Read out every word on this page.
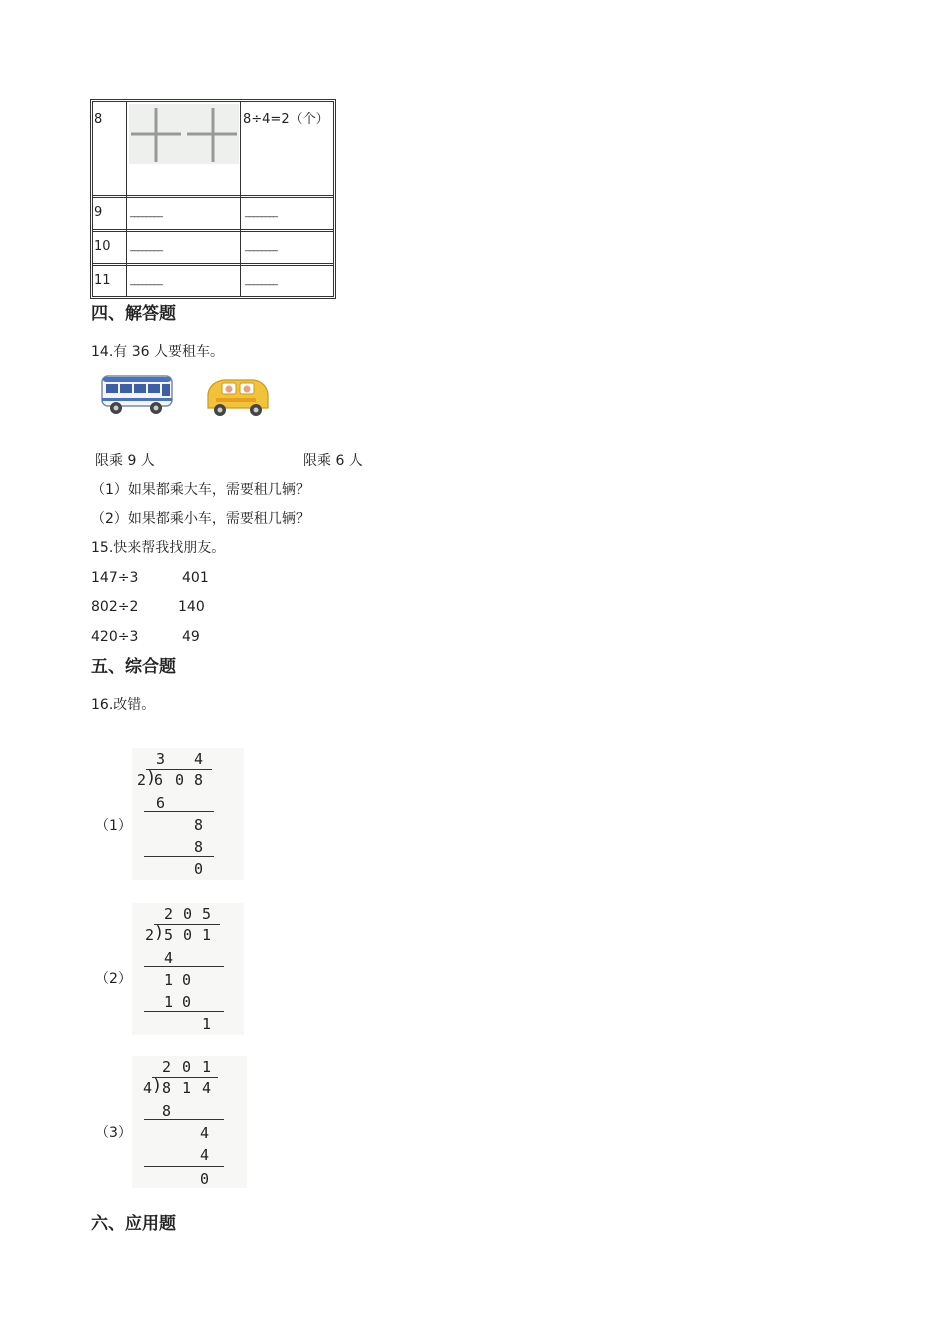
8	8÷4=2（个）
9	________	________
10 ________	________
11 ________	________
四、解答题
14.有 36 人要租车。
限乘 9 人	限乘 6 人
（1）如果都乘大车，需要租几辆？
（2）如果都乘小车，需要租几辆？
15.快来帮我找朋友。
147÷3	401
802÷2	140
420÷3	49
五、综合题
16.改错。
（1）
3 4
2 )
6 0 8
6
8
8
0
（2）
2 0 5
2 ) 5 0 1
4
1 0
1 0
1
（3）
2 0 1
4 ) 8 1 4
8
4
4
0
六、应用题
